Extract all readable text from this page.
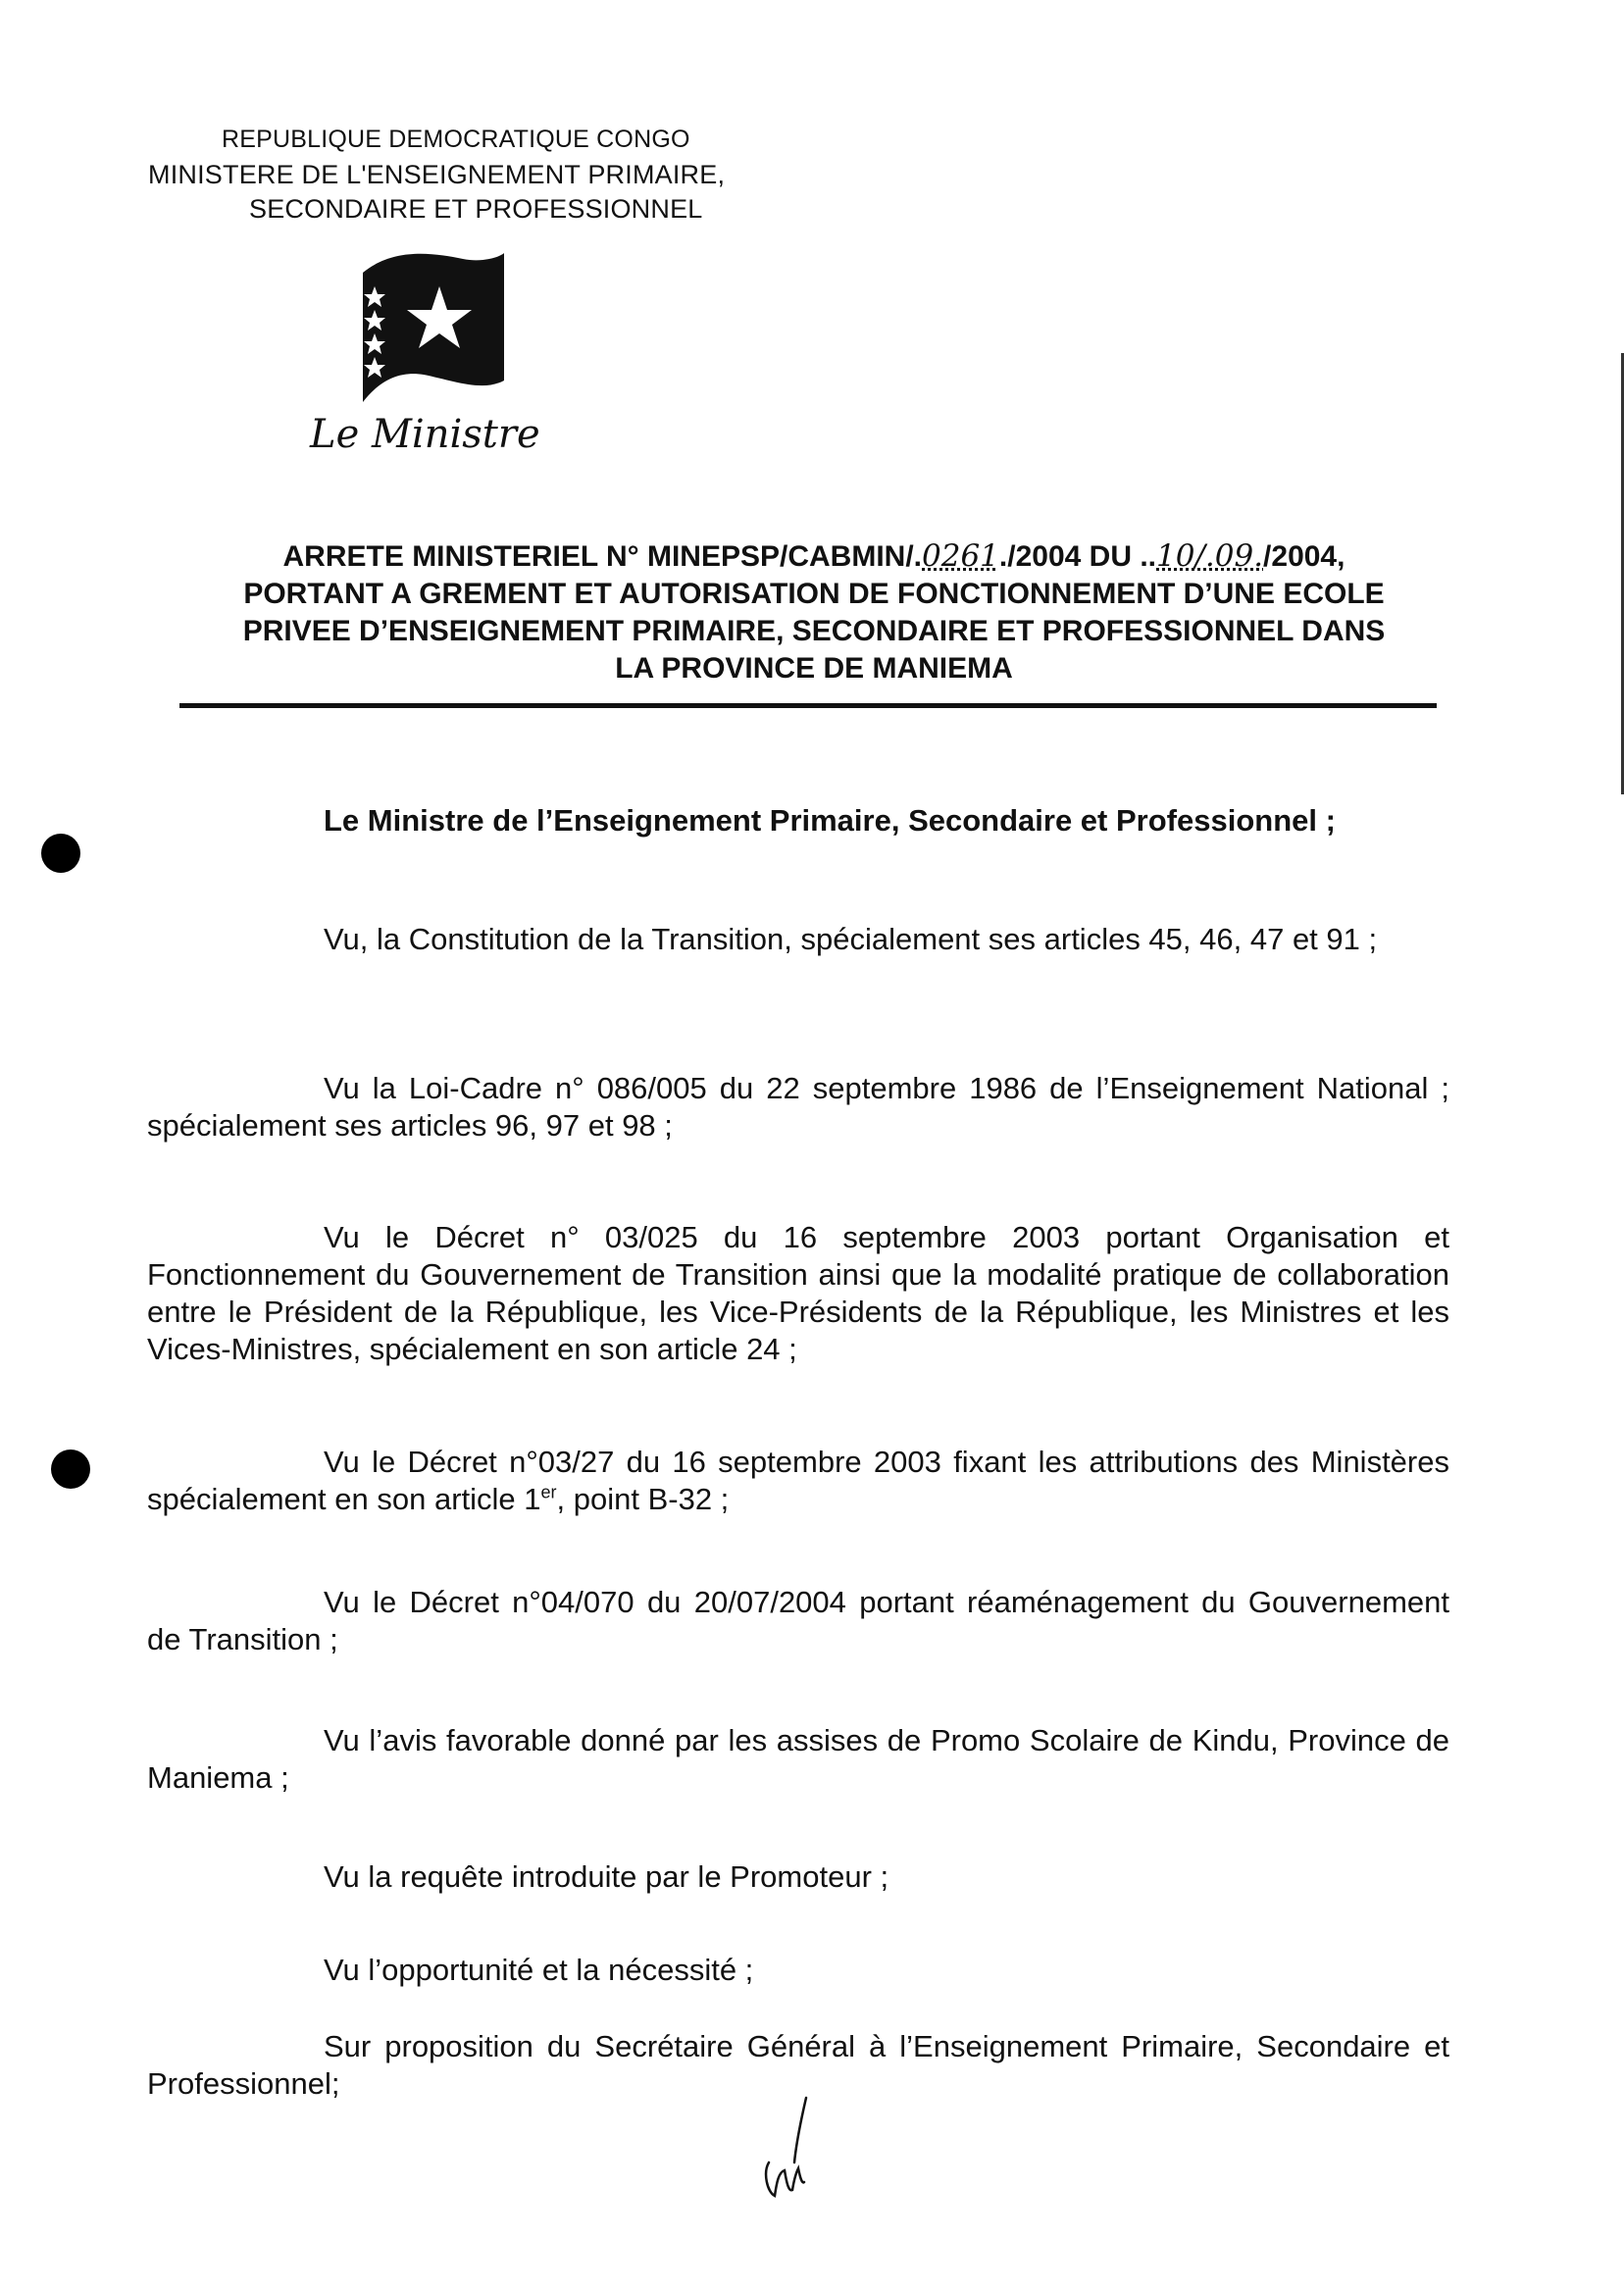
REPUBLIQUE DEMOCRATIQUE CONGO
MINISTERE DE L'ENSEIGNEMENT PRIMAIRE,
SECONDAIRE ET PROFESSIONNEL
Le Ministre
ARRETE MINISTERIEL N° MINEPSP/CABMIN/.0261./2004 DU ..10/.09./2004,
PORTANT A GREMENT ET AUTORISATION DE FONCTIONNEMENT D’UNE ECOLE
PRIVEE D’ENSEIGNEMENT PRIMAIRE, SECONDAIRE ET PROFESSIONNEL DANS
LA PROVINCE DE MANIEMA
Le Ministre de l’Enseignement Primaire, Secondaire et Professionnel ;
Vu, la Constitution de la Transition, spécialement ses articles 45, 46, 47 et 91 ;
Vu la Loi-Cadre n° 086/005 du 22 septembre 1986 de l’Enseignement National ; spécialement ses articles 96, 97 et 98 ;
Vu le Décret n° 03/025 du 16 septembre 2003 portant Organisation et Fonctionnement du Gouvernement de Transition ainsi que la modalité pratique de collaboration entre le Président de la République, les Vice-Présidents de la République, les Ministres et les Vices-Ministres, spécialement en son article 24 ;
Vu le Décret n°03/27 du 16 septembre 2003 fixant les attributions des Ministères spécialement en son article 1er, point B-32 ;
Vu le Décret n°04/070 du 20/07/2004 portant réaménagement du Gouvernement de Transition ;
Vu l’avis favorable donné par les assises de Promo Scolaire de Kindu, Province de Maniema ;
Vu la requête introduite par le Promoteur ;
Vu l’opportunité et la nécessité ;
Sur proposition du Secrétaire Général à l’Enseignement Primaire, Secondaire et Professionnel;
